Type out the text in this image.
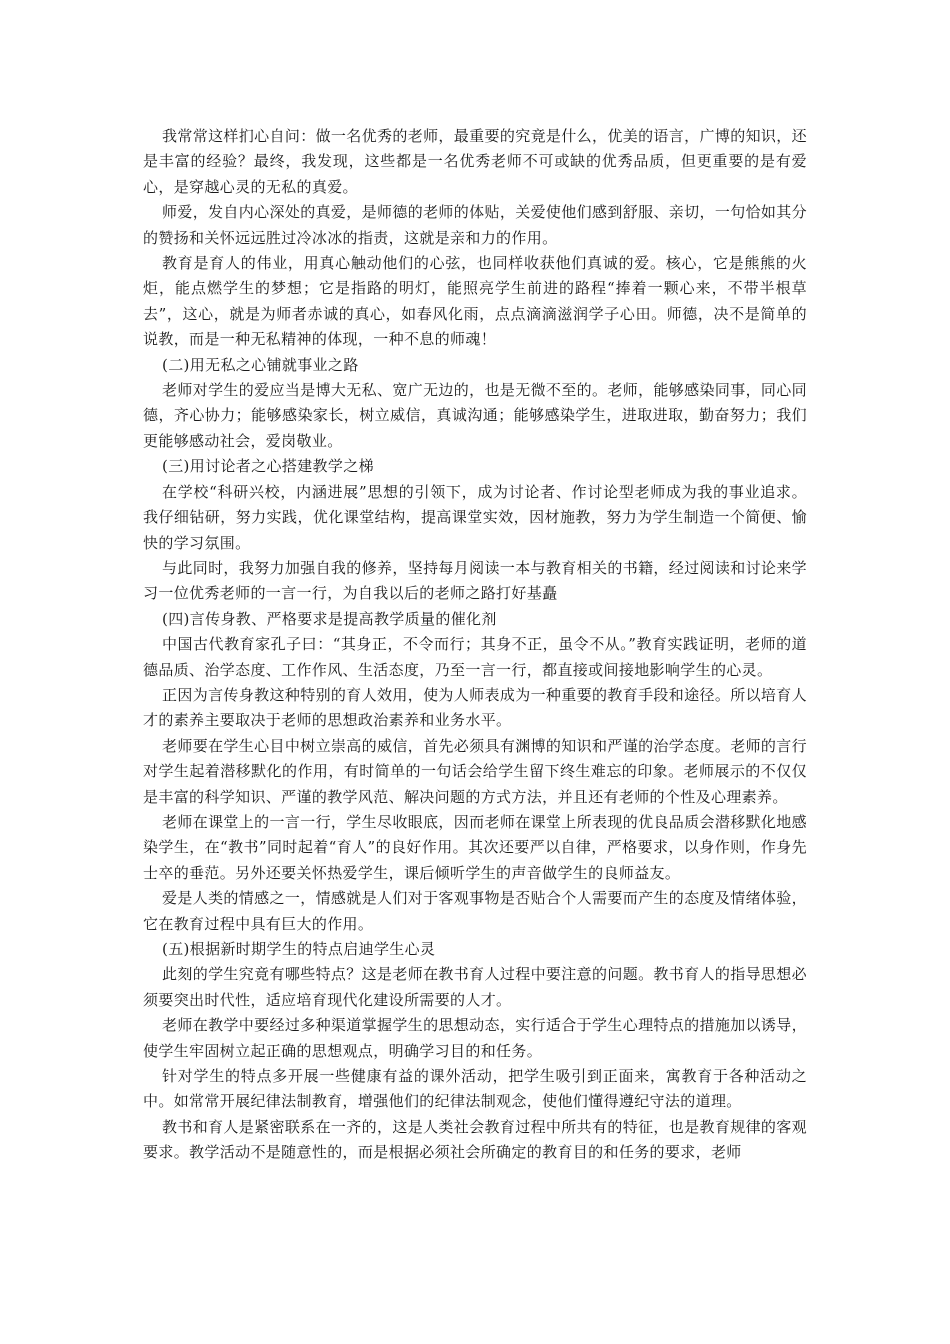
我常常这样扪心自问：做一名优秀的老师，最重要的究竟是什么，优美的语言，广博的知识，还是丰富的经验？最终，我发现，这些都是一名优秀老师不可或缺的优秀品质，但更重要的是有爱心，是穿越心灵的无私的真爱。

师爱，发自内心深处的真爱，是师德的老师的体贴，关爱使他们感到舒服、亲切，一句恰如其分的赞扬和关怀远远胜过冷冰冰的指责，这就是亲和力的作用。

教育是育人的伟业，用真心触动他们的心弦，也同样收获他们真诚的爱。核心，它是熊熊的火炬，能点燃学生的梦想；它是指路的明灯，能照亮学生前进的路程“捧着一颗心来，不带半根草去”，这心，就是为师者赤诚的真心，如春风化雨，点点滴滴滋润学子心田。师德，决不是简单的说教，而是一种无私精神的体现，一种不息的师魂！

(二)用无私之心铺就事业之路

老师对学生的爱应当是博大无私、宽广无边的，也是无微不至的。老师，能够感染同事，同心同德，齐心协力；能够感染家长，树立威信，真诚沟通；能够感染学生，进取进取，勤奋努力；我们更能够感动社会，爱岗敬业。

(三)用讨论者之心搭建教学之梯

在学校“科研兴校，内涵进展”思想的引领下，成为讨论者、作讨论型老师成为我的事业追求。我仔细钻研，努力实践，优化课堂结构，提高课堂实效，因材施教，努力为学生制造一个简便、愉快的学习氛围。

与此同时，我努力加强自我的修养，坚持每月阅读一本与教育相关的书籍，经过阅读和讨论来学习一位优秀老师的一言一行，为自我以后的老师之路打好基矗

(四)言传身教、严格要求是提高教学质量的催化剂

中国古代教育家孔子曰：“其身正，不令而行；其身不正，虽令不从。”教育实践证明，老师的道德品质、治学态度、工作作风、生活态度，乃至一言一行，都直接或间接地影响学生的心灵。

正因为言传身教这种特别的育人效用，使为人师表成为一种重要的教育手段和途径。所以培育人才的素养主要取决于老师的思想政治素养和业务水平。

老师要在学生心目中树立崇高的威信，首先必须具有渊博的知识和严谨的治学态度。老师的言行对学生起着潜移默化的作用，有时简单的一句话会给学生留下终生难忘的印象。老师展示的不仅仅是丰富的科学知识、严谨的教学风范、解决问题的方式方法，并且还有老师的个性及心理素养。

老师在课堂上的一言一行，学生尽收眼底，因而老师在课堂上所表现的优良品质会潜移默化地感染学生，在“教书”同时起着“育人”的良好作用。其次还要严以自律，严格要求，以身作则，作身先士卒的垂范。另外还要关怀热爱学生，课后倾听学生的声音做学生的良师益友。

爱是人类的情感之一，情感就是人们对于客观事物是否贴合个人需要而产生的态度及情绪体验，它在教育过程中具有巨大的作用。

(五)根据新时期学生的特点启迪学生心灵

此刻的学生究竟有哪些特点？这是老师在教书育人过程中要注意的问题。教书育人的指导思想必须要突出时代性，适应培育现代化建设所需要的人才。

老师在教学中要经过多种渠道掌握学生的思想动态，实行适合于学生心理特点的措施加以诱导，使学生牢固树立起正确的思想观点，明确学习目的和任务。

针对学生的特点多开展一些健康有益的课外活动，把学生吸引到正面来，寓教育于各种活动之中。如常常开展纪律法制教育，增强他们的纪律法制观念，使他们懂得遵纪守法的道理。

教书和育人是紧密联系在一齐的，这是人类社会教育过程中所共有的特征，也是教育规律的客观要求。教学活动不是随意性的，而是根据必须社会所确定的教育目的和任务的要求，老师
